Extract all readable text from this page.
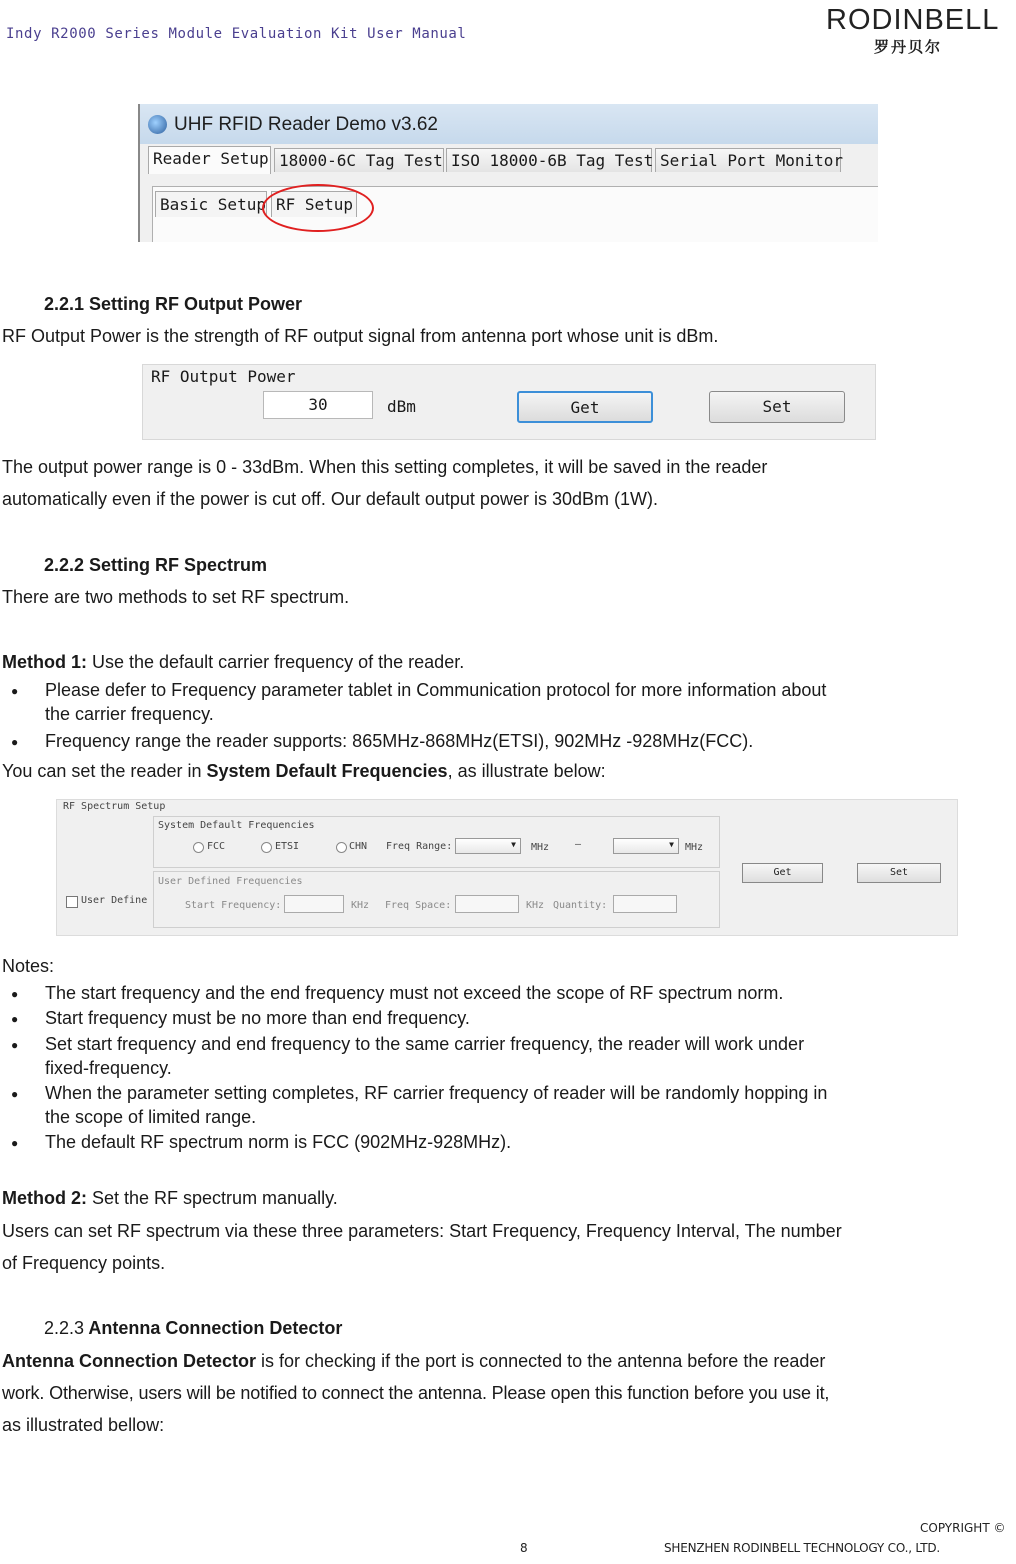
Indy R2000 Series Module Evaluation Kit User Manual	RODINBELL
罗丹贝尔
UHF RFID Reader Demo v3.62
Reader Setup 18000-6C Tag Test ISO 18000-6B Tag Test Serial Port Monitor
Basic Setup RF Setup
2.2.1 Setting RF Output Power
RF Output Power is the strength of RF output signal from antenna port whose unit is dBm.
RF Output Power
30	dBm	Get	Set
The output power range is 0 - 33dBm. When this setting completes, it will be saved in the reader
automatically even if the power is cut off. Our default output power is 30dBm (1W).
2.2.2 Setting RF Spectrum
There are two methods to set RF spectrum.
Method 1: Use the default carrier frequency of the reader.
● Please defer to Frequency parameter tablet in Communication protocol for more information about
the carrier frequency.
● Frequency range the reader supports: 865MHz-868MHz(ETSI), 902MHz -928MHz(FCC).
You can set the reader in System Default Frequencies, as illustrate below:
RF Spectrum Setup
System Default Frequencies
FCC	ETSI	CHN Freq Range: ▼	MHz	— ▼	MHz
User Defined Frequencies
Start Frequency:	KHz Freq Space:	KHz Quantity:
User Define
Get	Set
Notes:
● The start frequency and the end frequency must not exceed the scope of RF spectrum norm.
● Start frequency must be no more than end frequency.
● Set start frequency and end frequency to the same carrier frequency, the reader will work under
fixed-frequency.
● When the parameter setting completes, RF carrier frequency of reader will be randomly hopping in
the scope of limited range.
● The default RF spectrum norm is FCC (902MHz-928MHz).
Method 2: Set the RF spectrum manually.
Users can set RF spectrum via these three parameters: Start Frequency, Frequency Interval, The number
of Frequency points.
2.2.3 Antenna Connection Detector
Antenna Connection Detector is for checking if the port is connected to the antenna before the reader
work. Otherwise, users will be notified to connect the antenna. Please open this function before you use it,
as illustrated bellow:
8
COPYRIGHT ©
SHENZHEN RODINBELL TECHNOLOGY CO., LTD.
